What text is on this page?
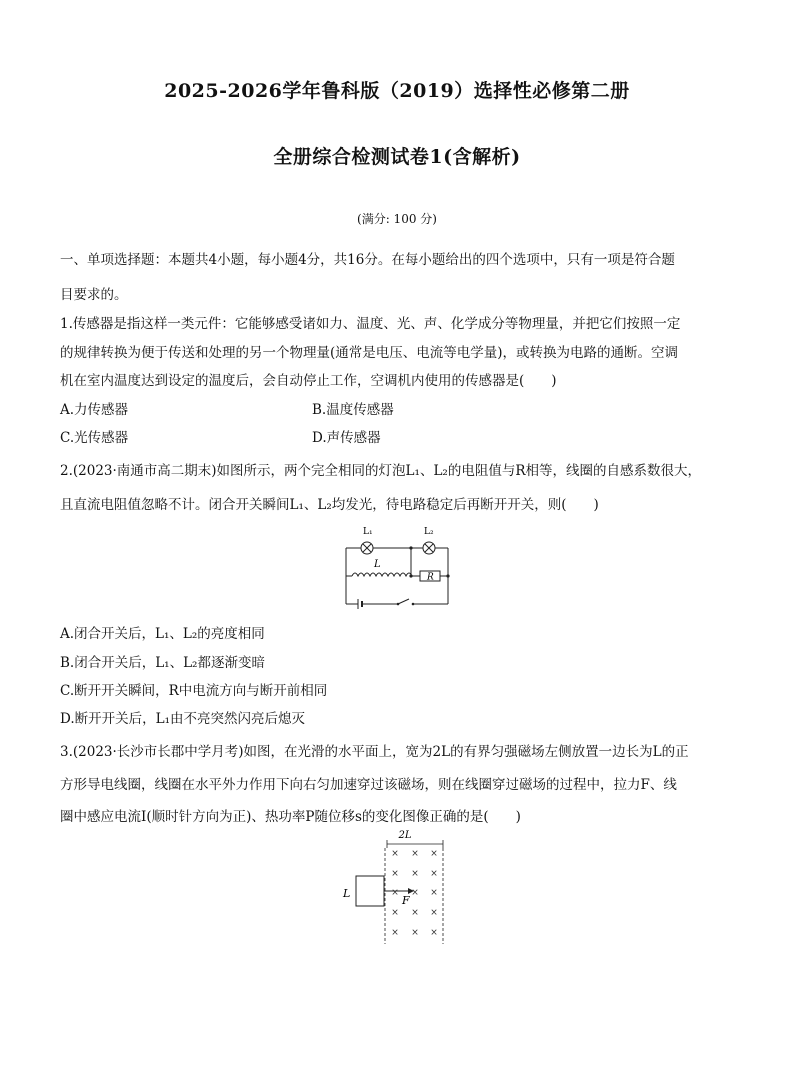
2025-2026学年鲁科版（2019）选择性必修第二册
全册综合检测试卷1(含解析)
(满分: 100 分)
一、单项选择题：本题共4小题，每小题4分，共16分。在每小题给出的四个选项中，只有一项是符合题
目要求的。
1.传感器是指这样一类元件：它能够感受诸如力、温度、光、声、化学成分等物理量，并把它们按照一定
的规律转换为便于传送和处理的另一个物理量(通常是电压、电流等电学量)，或转换为电路的通断。空调
机在室内温度达到设定的温度后，会自动停止工作，空调机内使用的传感器是(　　)
A.力传感器	B.温度传感器
C.光传感器	D.声传感器
2.(2023·南通市高二期末)如图所示，两个完全相同的灯泡L₁、L₂的电阻值与R相等，线圈的自感系数很大，
且直流电阻值忽略不计。闭合开关瞬间L₁、L₂均发光，待电路稳定后再断开开关，则(　　)
L₁	L₂
L
R
A.闭合开关后，L₁、L₂的亮度相同
B.闭合开关后，L₁、L₂都逐渐变暗
C.断开开关瞬间，R中电流方向与断开前相同
D.断开开关后，L₁由不亮突然闪亮后熄灭
3.(2023·长沙市长郡中学月考)如图，在光滑的水平面上，宽为2L的有界匀强磁场左侧放置一边长为L的正
方形导电线圈，线圈在水平外力作用下向右匀加速穿过该磁场，则在线圈穿过磁场的过程中，拉力F、线
圈中感应电流I(顺时针方向为正)、热功率P随位移s的变化图像正确的是(　　)
2L
L
F
× × ×
× × ×
× × ×
× × ×
× × ×
